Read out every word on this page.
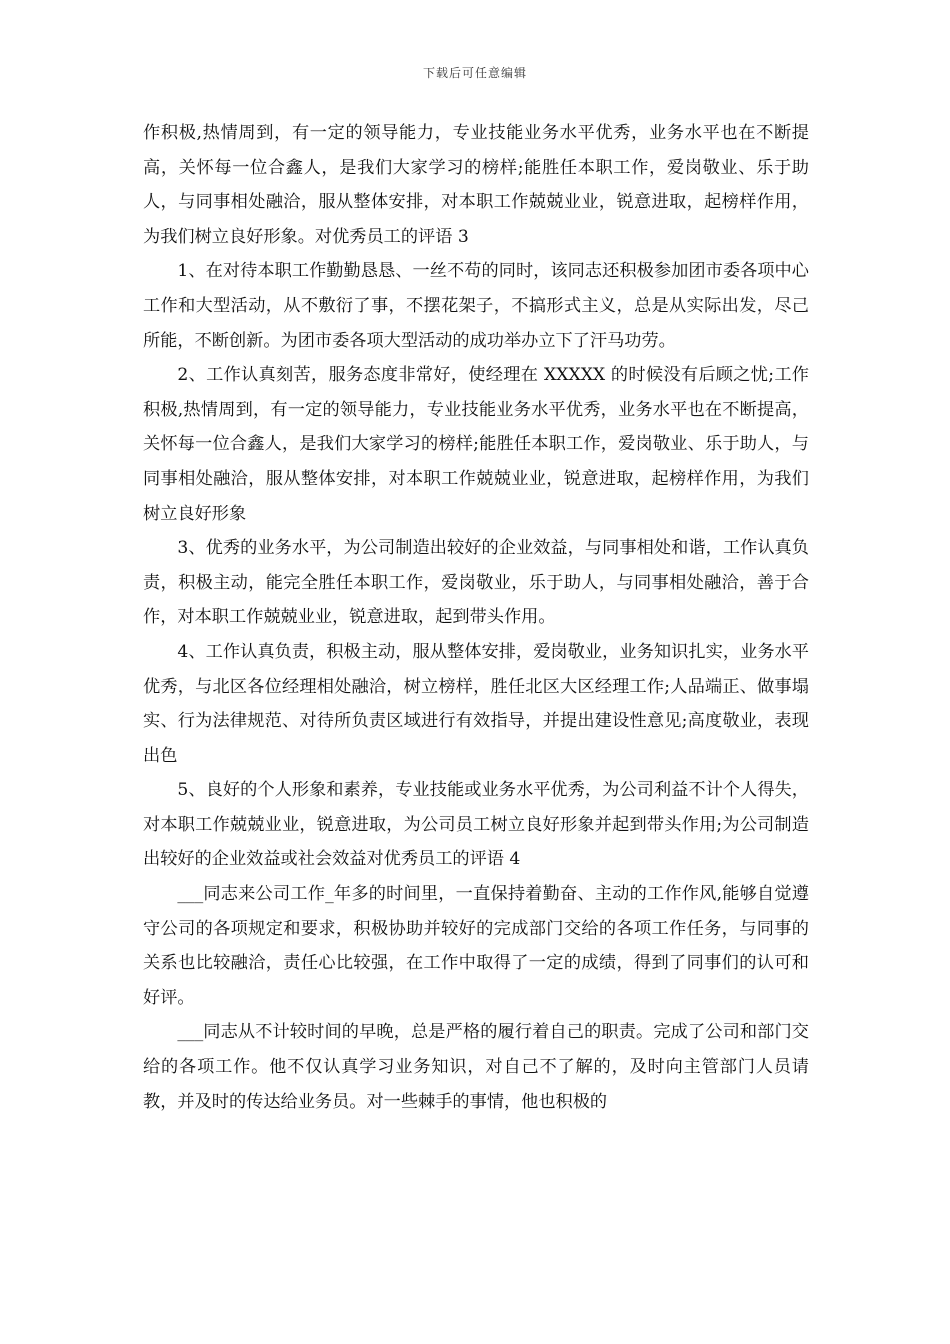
下载后可任意编辑

作积极,热情周到，有一定的领导能力，专业技能业务水平优秀，业务水平也在不断提高，关怀每一位合鑫人，是我们大家学习的榜样;能胜任本职工作，爱岗敬业、乐于助人，与同事相处融洽，服从整体安排，对本职工作兢兢业业，锐意进取，起榜样作用，为我们树立良好形象。对优秀员工的评语 3

1、在对待本职工作勤勤恳恳、一丝不苟的同时，该同志还积极参加团市委各项中心工作和大型活动，从不敷衍了事，不摆花架子，不搞形式主义，总是从实际出发，尽己所能，不断创新。为团市委各项大型活动的成功举办立下了汗马功劳。

2、工作认真刻苦，服务态度非常好，使经理在 XXXXX 的时候没有后顾之忧;工作积极,热情周到，有一定的领导能力，专业技能业务水平优秀，业务水平也在不断提高，关怀每一位合鑫人，是我们大家学习的榜样;能胜任本职工作，爱岗敬业、乐于助人，与同事相处融洽，服从整体安排，对本职工作兢兢业业，锐意进取，起榜样作用，为我们树立良好形象

3、优秀的业务水平，为公司制造出较好的企业效益，与同事相处和谐，工作认真负责，积极主动，能完全胜任本职工作，爱岗敬业，乐于助人，与同事相处融洽，善于合作，对本职工作兢兢业业，锐意进取，起到带头作用。

4、工作认真负责，积极主动，服从整体安排，爱岗敬业，业务知识扎实，业务水平优秀，与北区各位经理相处融洽，树立榜样，胜任北区大区经理工作;人品端正、做事塌实、行为法律规范、对待所负责区域进行有效指导，并提出建设性意见;高度敬业，表现出色

5、良好的个人形象和素养，专业技能或业务水平优秀，为公司利益不计个人得失，对本职工作兢兢业业，锐意进取，为公司员工树立良好形象并起到带头作用;为公司制造出较好的企业效益或社会效益对优秀员工的评语 4

___同志来公司工作_年多的时间里，一直保持着勤奋、主动的工作作风,能够自觉遵守公司的各项规定和要求，积极协助并较好的完成部门交给的各项工作任务，与同事的关系也比较融洽，责任心比较强，在工作中取得了一定的成绩，得到了同事们的认可和好评。

___同志从不计较时间的早晚，总是严格的履行着自己的职责。完成了公司和部门交给的各项工作。他不仅认真学习业务知识，对自己不了解的，及时向主管部门人员请教，并及时的传达给业务员。对一些棘手的事情，他也积极的
